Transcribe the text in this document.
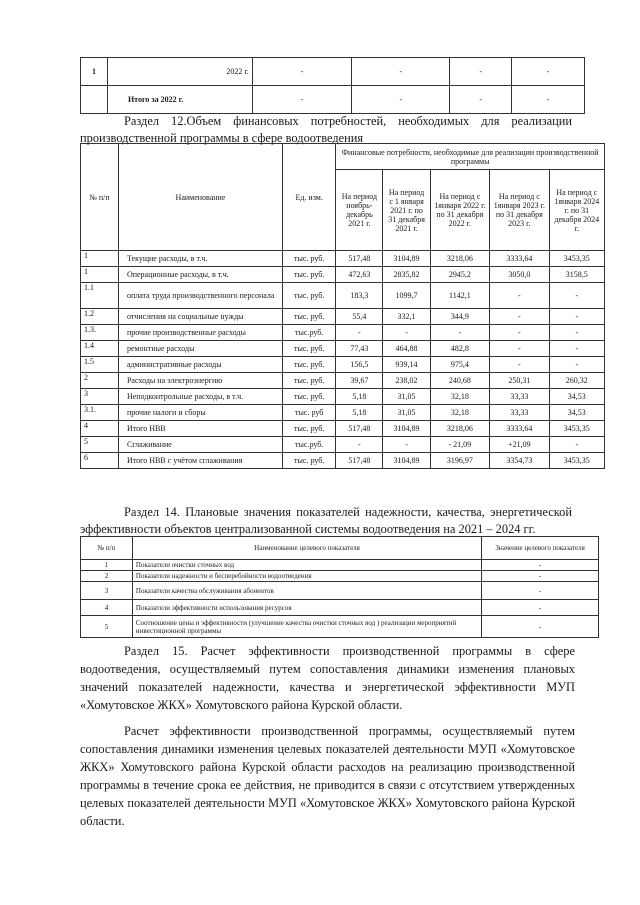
1	2022 г.	-	-	-	-
	Итого за 2022 г.	-	-	-	-

Раздел 12.Объем финансовых потребностей, необходимых для реализации производственной программы в сфере водоотведения

№ п/п	Наименование	Ед. изм.	Финансовые потребности, необходимые для реализации производственной программы				
			На период ноябрь-декабрь 2021 г.	На период с 1 января 2021 г. по 31 декабря 2021 г.	На период с 1января 2022 г. по 31 декабря 2022 г.	На период с 1января 2023 г. по 31 декабря 2023 г.	На период с 1января 2024 г. по 31 декабря 2024 г.
1	Текущие расходы, в т.ч.	тыс. руб.	517,48	3104,89	3218,06	3333,64	3453,35
1	Операционные расходы, в т.ч.	тыс. руб.	472,63	2835,82	2945,2	3050,0	3158,5
1.1	оплата труда производственного персонала	тыс. руб.	183,3	1099,7	1142,1	-	-
1.2	отчисления на социальные нужды	тыс. руб.	55,4	332,1	344,9	-	-
1.3.	прочие производственные расходы	тыс.руб.	-	-	-	-	-
1.4	ремонтные расходы	тыс. руб.	77,43	464,88	482,8	-	-
1.5	административные расходы	тыс. руб.	156,5	939,14	975,4	-	-
2	Расходы на электроэнергию	тыс. руб.	39,67	238,02	240,68	250,31	260,32
3	Неподконтрольные расходы, в т.ч.	тыс. руб.	5,18	31,05	32,18	33,33	34,53
3.1.	прочие налоги и сборы	тыс. руб	5,18	31,05	32,18	33,33	34,53
4	Итого НВВ	тыс. руб.	517,48	3104,89	3218,06	3333,64	3453,35
5	Сглаживание	тыс.руб.	-	-	- 21,09	+21,09	-
6	Итого НВВ с учётом сглаживания	тыс. руб.	517,48	3104,89	3196,97	3354,73	3453,35

Раздел 14. Плановые значения показателей надежности, качества, энергетической эффективности объектов централизованной системы водоотведения на 2021 – 2024 гг.

№ п/п	Наименование целевого показателя	Значение целевого показателя
1	Показатели очистки сточных вод	-
2	Показатели надежности и бесперебойности водоотведения	-
3	Показатели качества обслуживания абонентов	-
4	Показатели эффективности использования ресурсов	-
5	Соотношение цены и эффективности (улучшение качества очистки сточных вод ) реализации мероприятий инвестиционной программы	-

Раздел 15. Расчет эффективности производственной программы в сфере водоотведения, осуществляемый путем сопоставления динамики изменения плановых значений показателей надежности, качества и энергетической эффективности МУП «Хомутовское ЖКХ» Хомутовского района Курской области.

Расчет эффективности производственной программы, осуществляемый путем сопоставления динамики изменения целевых показателей деятельности МУП «Хомутовское ЖКХ» Хомутовского района Курской области расходов на реализацию производственной программы в течение срока ее действия, не приводится в связи с отсутствием утвержденных целевых показателей деятельности МУП «Хомутовское ЖКХ» Хомутовского района Курской области.
